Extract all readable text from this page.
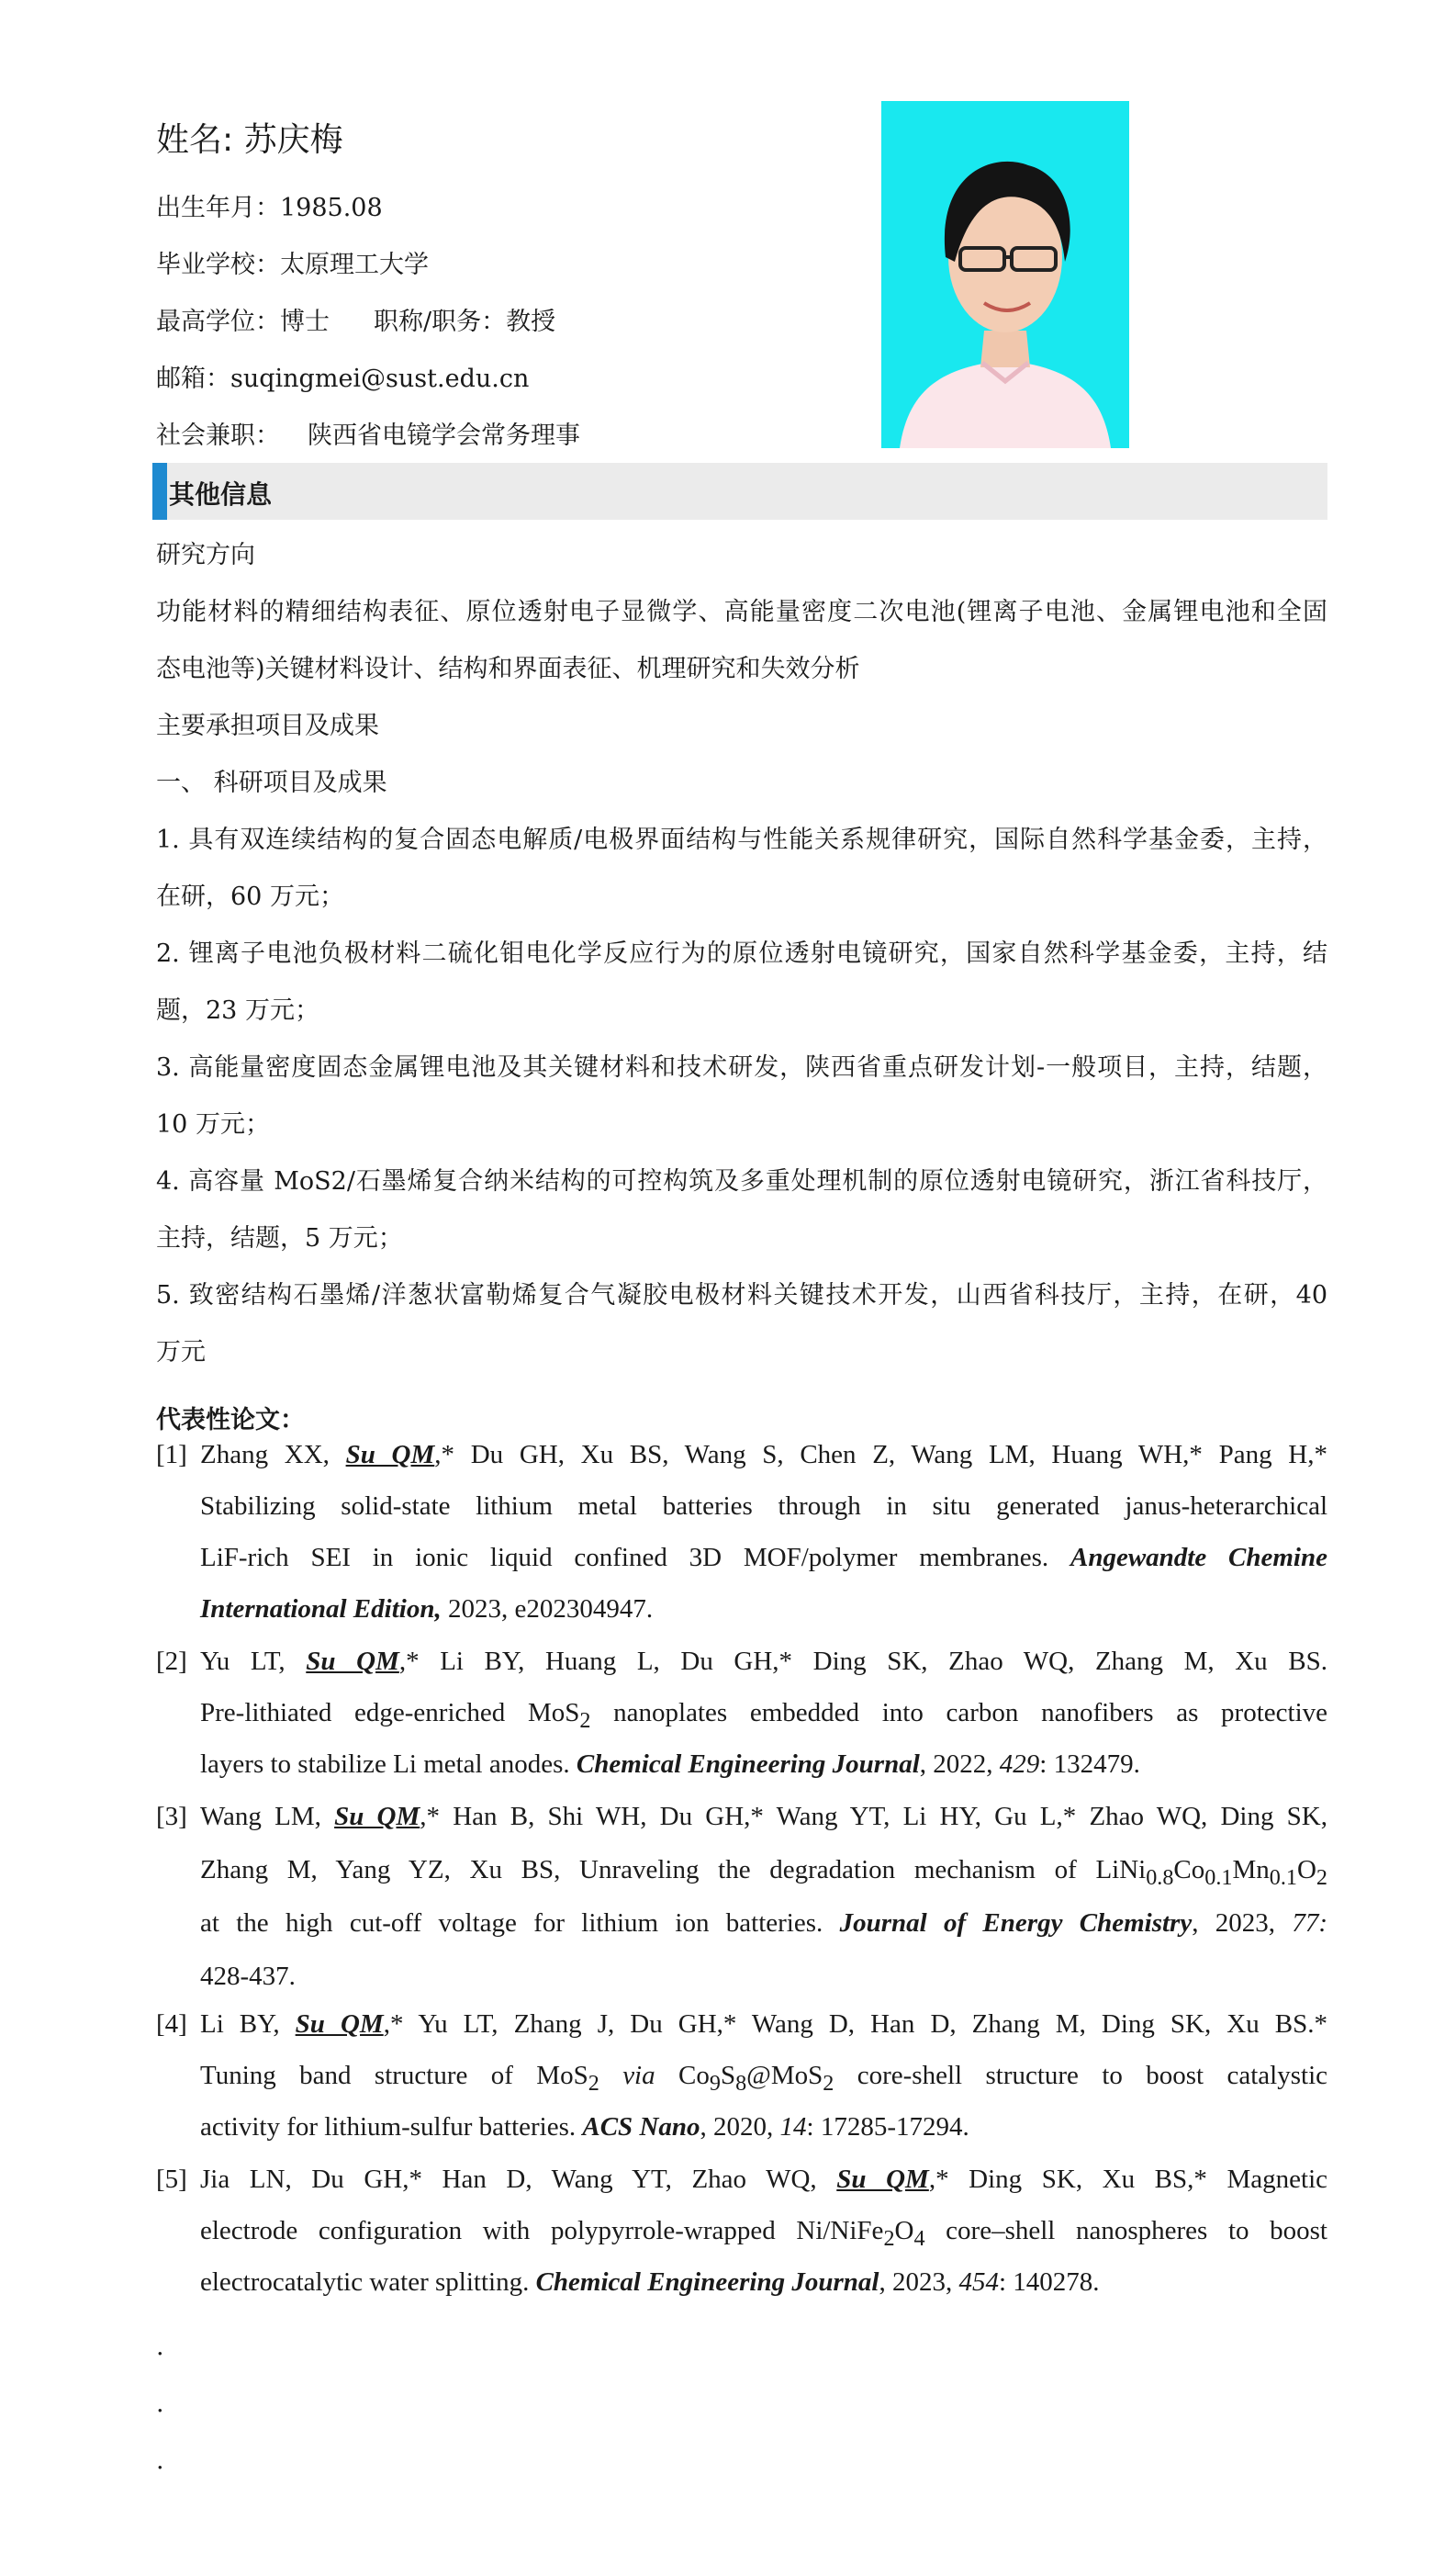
姓名: 苏庆梅
出生年月：1985.08
毕业学校：太原理工大学
最高学位：博士 职称/职务：教授
邮箱：suqingmei@sust.edu.cn
社会兼职： 陕西省电镜学会常务理事
其他信息
研究方向
功能材料的精细结构表征、原位透射电子显微学、高能量密度二次电池(锂离子电池、金属锂电池和全固
态电池等)关键材料设计、结构和界面表征、机理研究和失效分析
主要承担项目及成果
一、 科研项目及成果
1. 具有双连续结构的复合固态电解质/电极界面结构与性能关系规律研究，国际自然科学基金委，主持，
在研，60 万元；
2. 锂离子电池负极材料二硫化钼电化学反应行为的原位透射电镜研究，国家自然科学基金委，主持，结
题，23 万元；
3. 高能量密度固态金属锂电池及其关键材料和技术研发，陕西省重点研发计划-一般项目，主持，结题，
10 万元；
4. 高容量 MoS2/石墨烯复合纳米结构的可控构筑及多重处理机制的原位透射电镜研究，浙江省科技厅，
主持，结题，5 万元；
5. 致密结构石墨烯/洋葱状富勒烯复合气凝胶电极材料关键技术开发，山西省科技厅，主持，在研，40
万元
代表性论文：
[1] Zhang XX, Su QM,* Du GH, Xu BS, Wang S, Chen Z, Wang LM, Huang WH,* Pang H,*
Stabilizing solid-state lithium metal batteries through in situ generated janus-heterarchical
LiF-rich SEI in ionic liquid confined 3D MOF/polymer membranes. Angewandte Chemine
International Edition, 2023, e202304947.
[2] Yu LT, Su QM,* Li BY, Huang L, Du GH,* Ding SK, Zhao WQ, Zhang M, Xu BS.
Pre-lithiated edge-enriched MoS$_2$ nanoplates embedded into carbon nanofibers as protective
layers to stabilize Li metal anodes. Chemical Engineering Journal, 2022, 429: 132479.
[3] Wang LM, Su QM,* Han B, Shi WH, Du GH,* Wang YT, Li HY, Gu L,* Zhao WQ, Ding SK,
Zhang M, Yang YZ, Xu BS, Unraveling the degradation mechanism of $LiNi_{0.8}Co_{0.1}Mn_{0.1}O_2$
at the high cut-off voltage for lithium ion batteries. Journal of Energy Chemistry, 2023, 77:
428-437.
[4] Li BY, Su QM,* Yu LT, Zhang J, Du GH,* Wang D, Han D, Zhang M, Ding SK, Xu BS.*
Tuning band structure of MoS$_2$ via $Co_9S_8@MoS_2$ core-shell structure to boost catalystic
activity for lithium-sulfur batteries. ACS Nano, 2020, 14: 17285-17294.
[5] Jia LN, Du GH,* Han D, Wang YT, Zhao WQ, Su QM,* Ding SK, Xu BS,* Magnetic
electrode configuration with polypyrrole-wrapped $Ni/NiFe_2O_4$ core–shell nanospheres to boost
electrocatalytic water splitting. Chemical Engineering Journal, 2023, 454: 140278.
.
.
.
